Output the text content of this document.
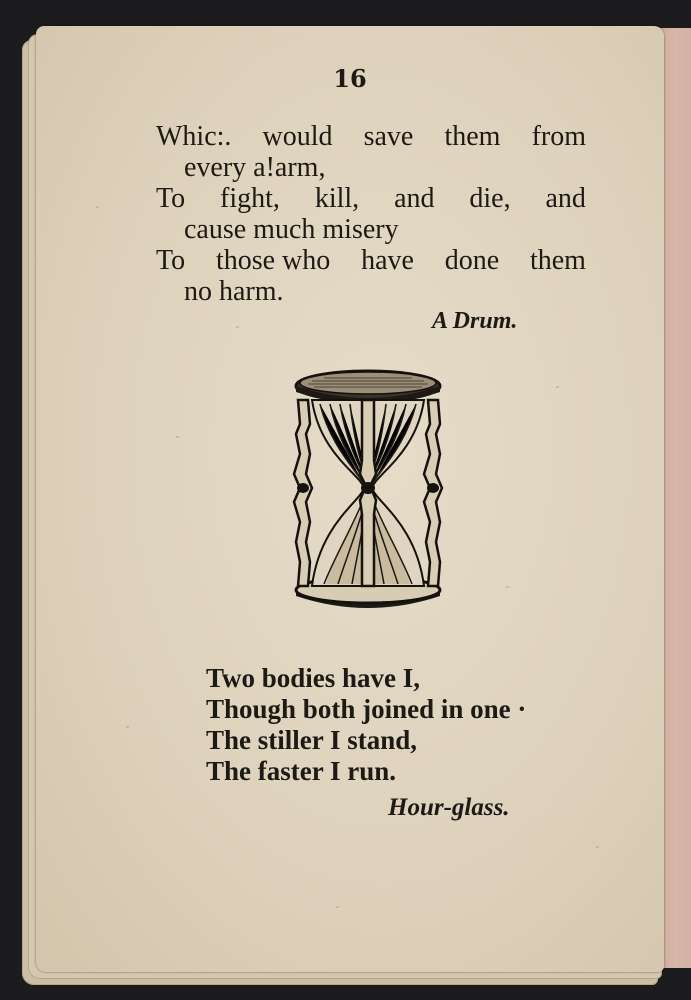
16
Whic:. would save them from
every a!arm,
To fight, kill, and die, and
cause much misery
To those who have done them
no harm.
A Drum.
Two bodies have I,
Though both joined in one ·
The stiller I stand,
The faster I run.
Hour-glass.
